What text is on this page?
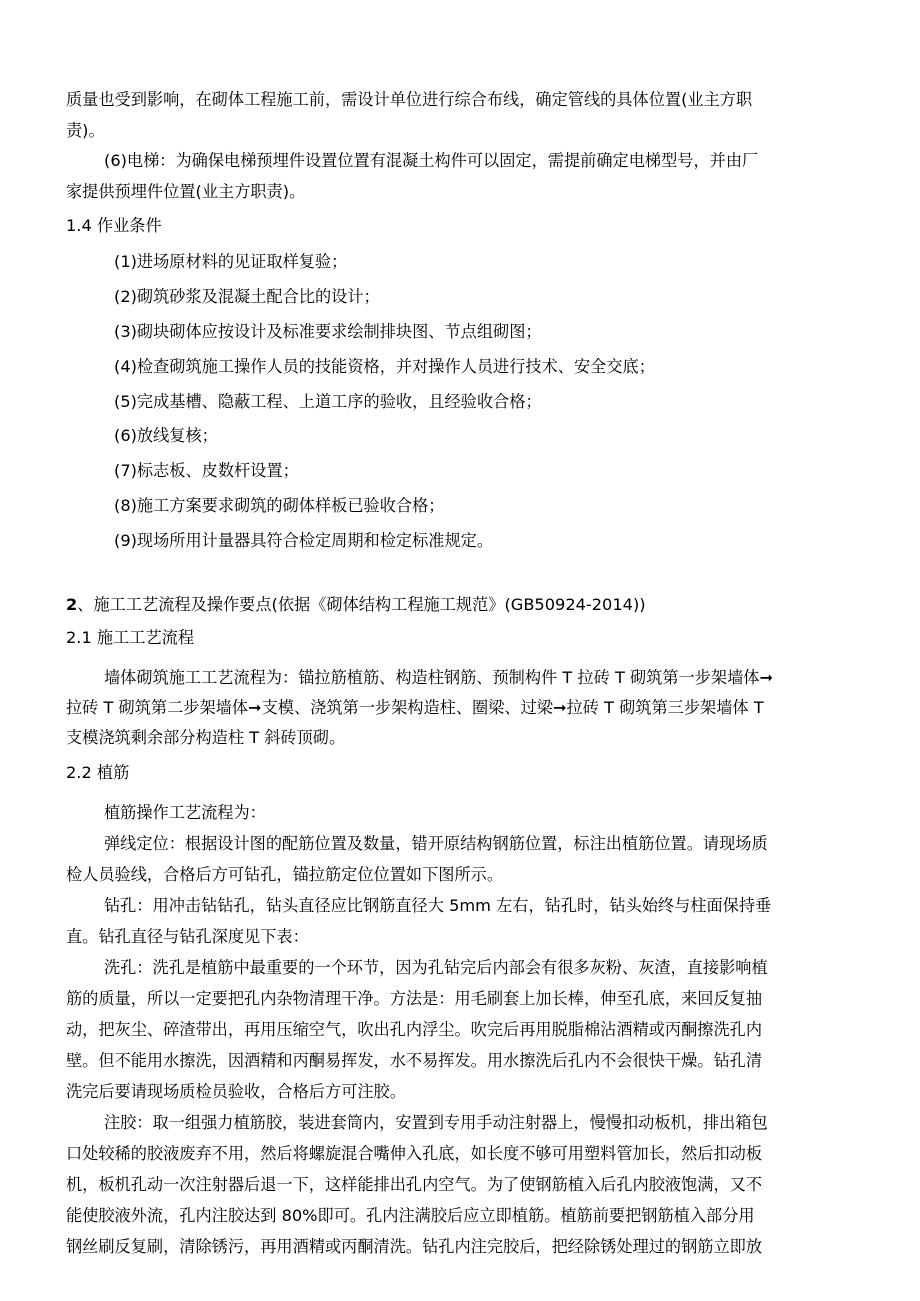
质量也受到影响，在砌体工程施工前，需设计单位进行综合布线，确定管线的具体位置(业主方职
责)。
(6)电梯：为确保电梯预埋件设置位置有混凝土构件可以固定，需提前确定电梯型号，并由厂
家提供预埋件位置(业主方职责)。
1.4 作业条件
(1)进场原材料的见证取样复验；
(2)砌筑砂浆及混凝土配合比的设计；
(3)砌块砌体应按设计及标准要求绘制排块图、节点组砌图；
(4)检查砌筑施工操作人员的技能资格，并对操作人员进行技术、安全交底；
(5)完成基槽、隐蔽工程、上道工序的验收，且经验收合格；
(6)放线复核；
(7)标志板、皮数杆设置；
(8)施工方案要求砌筑的砌体样板已验收合格；
(9)现场所用计量器具符合检定周期和检定标准规定。
2、施工工艺流程及操作要点(依据《砌体结构工程施工规范》(GB50924-2014))
2.1 施工工艺流程
墙体砌筑施工工艺流程为：锚拉筋植筋、构造柱钢筋、预制构件 T 拉砖 T 砌筑第一步架墙体➞
拉砖 T 砌筑第二步架墙体➞支模、浇筑第一步架构造柱、圈梁、过梁➞拉砖 T 砌筑第三步架墙体 T
支模浇筑剩余部分构造柱 T 斜砖顶砌。
2.2 植筋
植筋操作工艺流程为：
弹线定位：根据设计图的配筋位置及数量，错开原结构钢筋位置，标注出植筋位置。请现场质
检人员验线，合格后方可钻孔，锚拉筋定位位置如下图所示。
钻孔：用冲击钻钻孔，钻头直径应比钢筋直径大 5mm 左右，钻孔时，钻头始终与柱面保持垂
直。钻孔直径与钻孔深度见下表：
洗孔：洗孔是植筋中最重要的一个环节，因为孔钻完后内部会有很多灰粉、灰渣，直接影响植
筋的质量，所以一定要把孔内杂物清理干净。方法是：用毛刷套上加长棒，伸至孔底，来回反复抽
动，把灰尘、碎渣带出，再用压缩空气，吹出孔内浮尘。吹完后再用脱脂棉沾酒精或丙酮擦洗孔内
壁。但不能用水擦洗，因酒精和丙酮易挥发，水不易挥发。用水擦洗后孔内不会很快干燥。钻孔清
洗完后要请现场质检员验收，合格后方可注胶。
注胶：取一组强力植筋胶，装进套筒内，安置到专用手动注射器上，慢慢扣动板机，排出箱包
口处较稀的胶液废弃不用，然后将螺旋混合嘴伸入孔底，如长度不够可用塑料管加长，然后扣动板
机，板机孔动一次注射器后退一下，这样能排出孔内空气。为了使钢筋植入后孔内胶液饱满，又不
能使胶液外流，孔内注胶达到 80%即可。孔内注满胶后应立即植筋。植筋前要把钢筋植入部分用
钢丝刷反复刷，清除锈污，再用酒精或丙酮清洗。钻孔内注完胶后，把经除锈处理过的钢筋立即放
